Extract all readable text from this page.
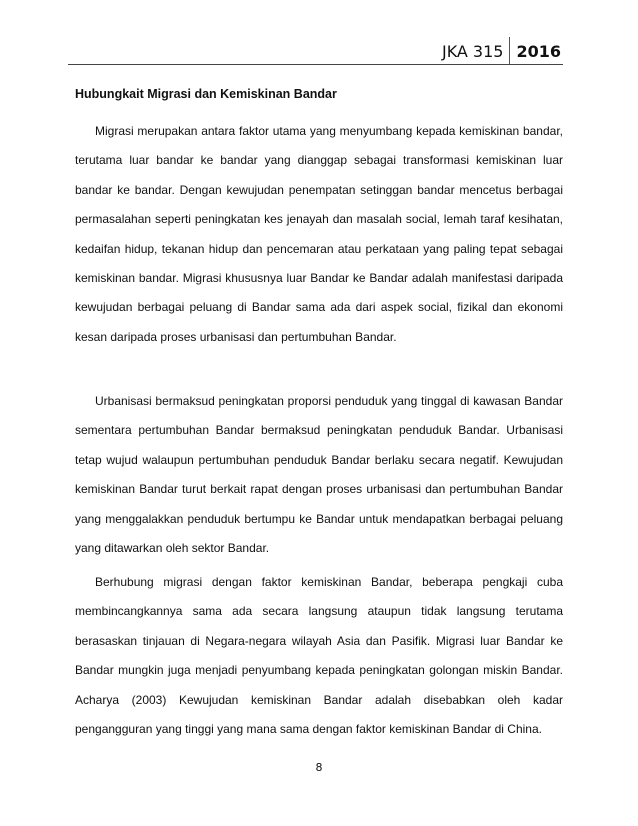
JKA 315 2016
Hubungkait Migrasi dan Kemiskinan Bandar

Migrasi merupakan antara faktor utama yang menyumbang kepada kemiskinan bandar, terutama luar bandar ke bandar yang dianggap sebagai transformasi kemiskinan luar bandar ke bandar. Dengan kewujudan penempatan setinggan bandar mencetus berbagai permasalahan seperti peningkatan kes jenayah dan masalah social, lemah taraf kesihatan, kedaifan hidup, tekanan hidup dan pencemaran atau perkataan yang paling tepat sebagai kemiskinan bandar. Migrasi khususnya luar Bandar ke Bandar adalah manifestasi daripada kewujudan berbagai peluang di Bandar sama ada dari aspek social, fizikal dan ekonomi kesan daripada proses urbanisasi dan pertumbuhan Bandar.

Urbanisasi bermaksud peningkatan proporsi penduduk yang tinggal di kawasan Bandar sementara pertumbuhan Bandar bermaksud peningkatan penduduk Bandar. Urbanisasi tetap wujud walaupun pertumbuhan penduduk Bandar berlaku secara negatif. Kewujudan kemiskinan Bandar turut berkait rapat dengan proses urbanisasi dan pertumbuhan Bandar yang menggalakkan penduduk bertumpu ke Bandar untuk mendapatkan berbagai peluang yang ditawarkan oleh sektor Bandar.

Berhubung migrasi dengan faktor kemiskinan Bandar, beberapa pengkaji cuba membincangkannya sama ada secara langsung ataupun tidak langsung terutama berasaskan tinjauan di Negara-negara wilayah Asia dan Pasifik. Migrasi luar Bandar ke Bandar mungkin juga menjadi penyumbang kepada peningkatan golongan miskin Bandar. Acharya (2003) Kewujudan kemiskinan Bandar adalah disebabkan oleh kadar pengangguran yang tinggi yang mana sama dengan faktor kemiskinan Bandar di China.

8
